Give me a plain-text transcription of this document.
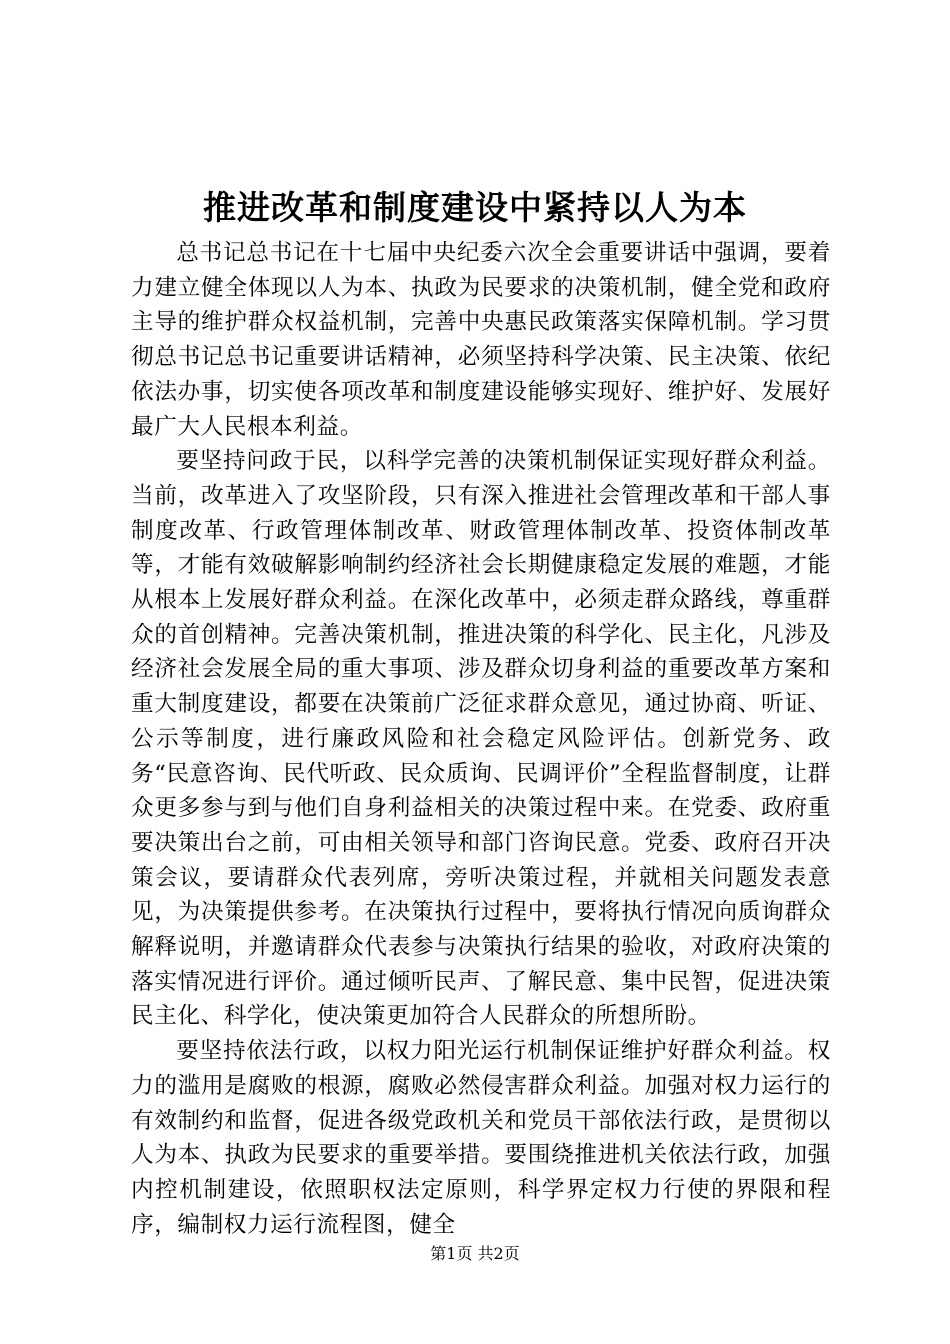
推进改革和制度建设中紧持以人为本

总书记总书记在十七届中央纪委六次全会重要讲话中强调，要着力建立健全体现以人为本、执政为民要求的决策机制，健全党和政府主导的维护群众权益机制，完善中央惠民政策落实保障机制。学习贯彻总书记总书记重要讲话精神，必须坚持科学决策、民主决策、依纪依法办事，切实使各项改革和制度建设能够实现好、维护好、发展好最广大人民根本利益。

要坚持问政于民，以科学完善的决策机制保证实现好群众利益。当前，改革进入了攻坚阶段，只有深入推进社会管理改革和干部人事制度改革、行政管理体制改革、财政管理体制改革、投资体制改革等，才能有效破解影响制约经济社会长期健康稳定发展的难题，才能从根本上发展好群众利益。在深化改革中，必须走群众路线，尊重群众的首创精神。完善决策机制，推进决策的科学化、民主化，凡涉及经济社会发展全局的重大事项、涉及群众切身利益的重要改革方案和重大制度建设，都要在决策前广泛征求群众意见，通过协商、听证、公示等制度，进行廉政风险和社会稳定风险评估。创新党务、政务“民意咨询、民代听政、民众质询、民调评价”全程监督制度，让群众更多参与到与他们自身利益相关的决策过程中来。在党委、政府重要决策出台之前，可由相关领导和部门咨询民意。党委、政府召开决策会议，要请群众代表列席，旁听决策过程，并就相关问题发表意见，为决策提供参考。在决策执行过程中，要将执行情况向质询群众解释说明，并邀请群众代表参与决策执行结果的验收，对政府决策的落实情况进行评价。通过倾听民声、了解民意、集中民智，促进决策民主化、科学化，使决策更加符合人民群众的所想所盼。

要坚持依法行政，以权力阳光运行机制保证维护好群众利益。权力的滥用是腐败的根源，腐败必然侵害群众利益。加强对权力运行的有效制约和监督，促进各级党政机关和党员干部依法行政，是贯彻以人为本、执政为民要求的重要举措。要围绕推进机关依法行政，加强内控机制建设，依照职权法定原则，科学界定权力行使的界限和程序，编制权力运行流程图，健全

第1页 共2页
